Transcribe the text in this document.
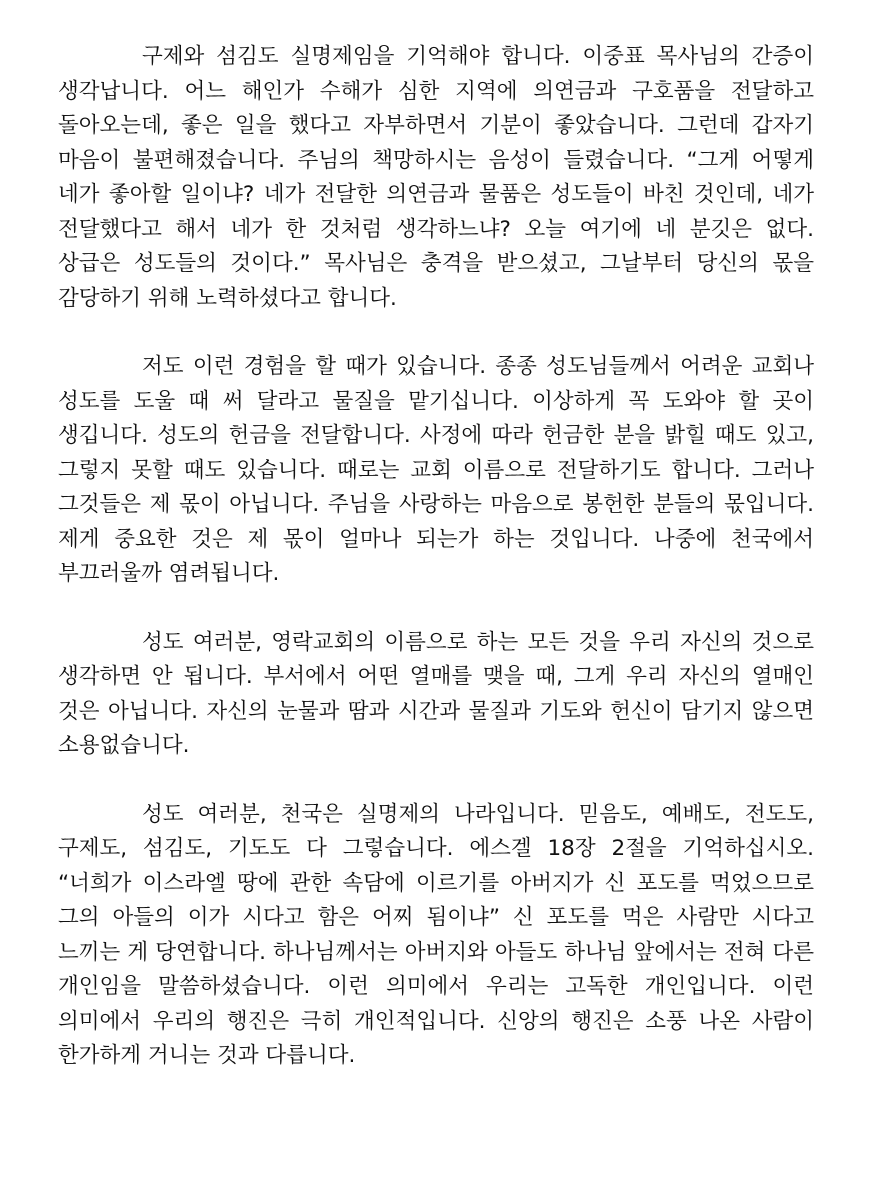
구제와 섬김도 실명제임을 기억해야 합니다. 이중표 목사님의 간증이 생각납니다. 어느 해인가 수해가 심한 지역에 의연금과 구호품을 전달하고 돌아오는데, 좋은 일을 했다고 자부하면서 기분이 좋았습니다. 그런데 갑자기 마음이 불편해졌습니다. 주님의 책망하시는 음성이 들렸습니다. “그게 어떻게 네가 좋아할 일이냐? 네가 전달한 의연금과 물품은 성도들이 바친 것인데, 네가 전달했다고 해서 네가 한 것처럼 생각하느냐? 오늘 여기에 네 분깃은 없다. 상급은 성도들의 것이다.” 목사님은 충격을 받으셨고, 그날부터 당신의 몫을 감당하기 위해 노력하셨다고 합니다.

저도 이런 경험을 할 때가 있습니다. 종종 성도님들께서 어려운 교회나 성도를 도울 때 써 달라고 물질을 맡기십니다. 이상하게 꼭 도와야 할 곳이 생깁니다. 성도의 헌금을 전달합니다. 사정에 따라 헌금한 분을 밝힐 때도 있고, 그렇지 못할 때도 있습니다. 때로는 교회 이름으로 전달하기도 합니다. 그러나 그것들은 제 몫이 아닙니다. 주님을 사랑하는 마음으로 봉헌한 분들의 몫입니다. 제게 중요한 것은 제 몫이 얼마나 되는가 하는 것입니다. 나중에 천국에서 부끄러울까 염려됩니다.

성도 여러분, 영락교회의 이름으로 하는 모든 것을 우리 자신의 것으로 생각하면 안 됩니다. 부서에서 어떤 열매를 맺을 때, 그게 우리 자신의 열매인 것은 아닙니다. 자신의 눈물과 땀과 시간과 물질과 기도와 헌신이 담기지 않으면 소용없습니다.

성도 여러분, 천국은 실명제의 나라입니다. 믿음도, 예배도, 전도도, 구제도, 섬김도, 기도도 다 그렇습니다. 에스겔 18장 2절을 기억하십시오. “너희가 이스라엘 땅에 관한 속담에 이르기를 아버지가 신 포도를 먹었으므로 그의 아들의 이가 시다고 함은 어찌 됨이냐” 신 포도를 먹은 사람만 시다고 느끼는 게 당연합니다. 하나님께서는 아버지와 아들도 하나님 앞에서는 전혀 다른 개인임을 말씀하셨습니다. 이런 의미에서 우리는 고독한 개인입니다. 이런 의미에서 우리의 행진은 극히 개인적입니다. 신앙의 행진은 소풍 나온 사람이 한가하게 거니는 것과 다릅니다.
